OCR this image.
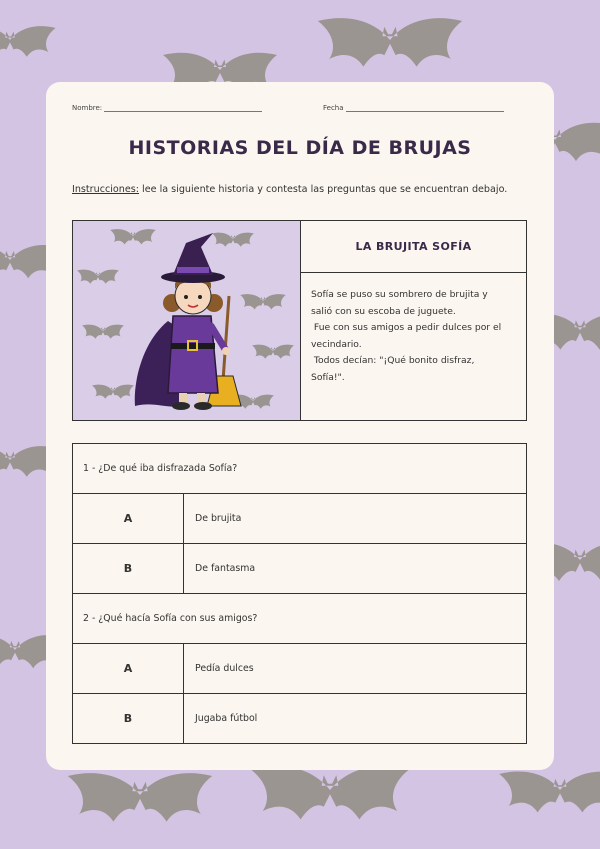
Nombre:	Fecha
HISTORIAS DEL DÍA DE BRUJAS
Instrucciones: lee la siguiente historia y contesta las preguntas que se encuentran debajo.
LA BRUJITA SOFÍA
Sofía se puso su sombrero de brujita y
salió con su escoba de juguete.
Fue con sus amigos a pedir dulces por el
vecindario.
Todos decían: "¡Qué bonito disfraz,
Sofía!".
1 - ¿De qué iba disfrazada Sofía?	
A	De brujita
B	De fantasma
2 - ¿Qué hacía Sofía con sus amigos?	
A	Pedía dulces
B	Jugaba fútbol
